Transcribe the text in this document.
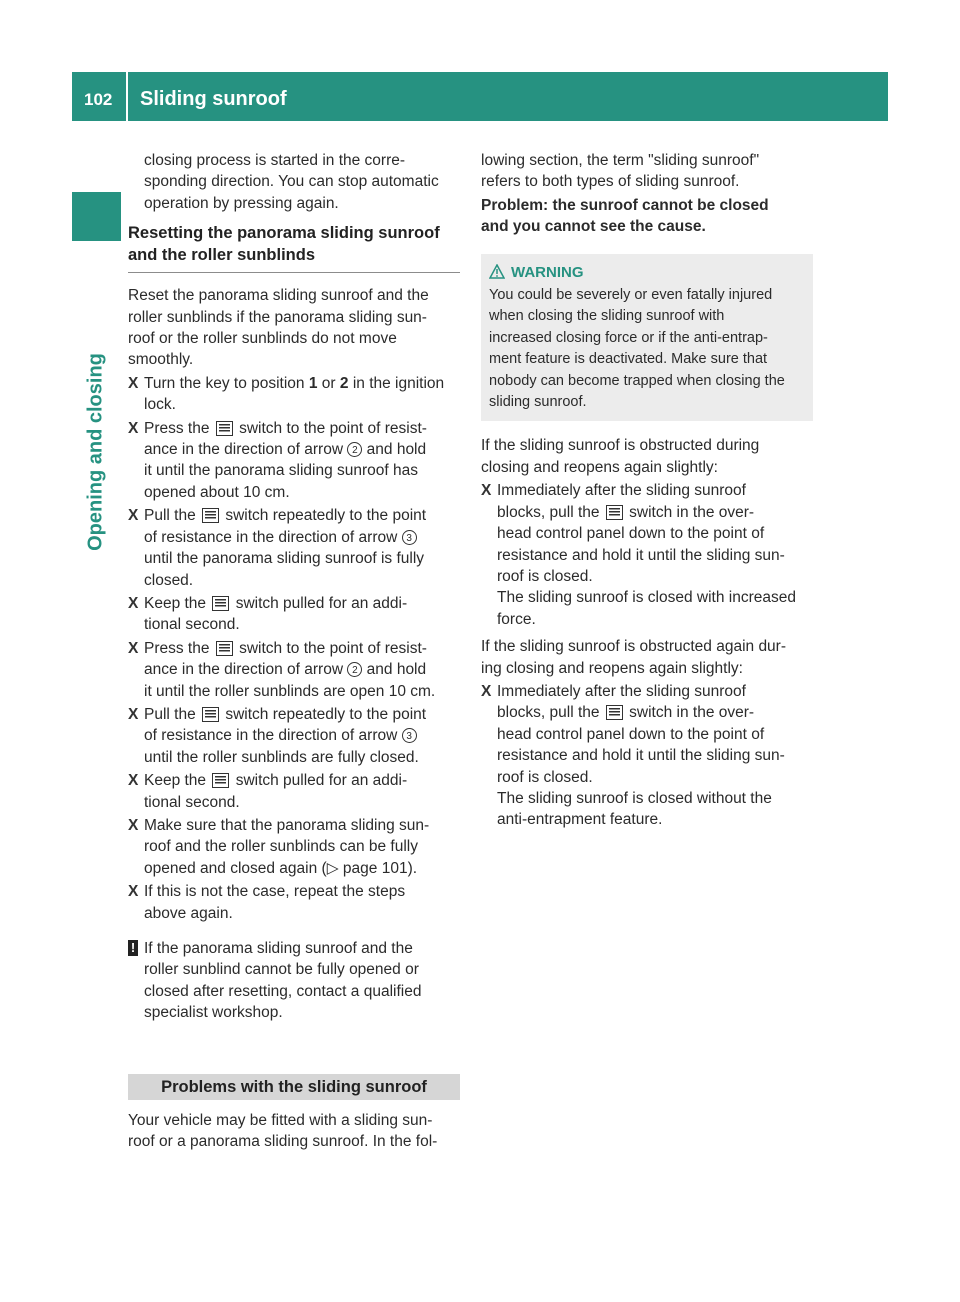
102 Sliding sunroof
Opening and closing

closing process is started in the corre-

sponding direction. You can stop automatic

operation by pressing again.

Resetting the panorama sliding sunroof

and the roller sunblinds

Reset the panorama sliding sunroof and the

roller sunblinds if the panorama sliding sun-

roof or the roller sunblinds do not move

smoothly.

X Turn the key to position 1 or 2 in the ignition

lock.

X Press the switch to the point of resist-

ance in the direction of arrow 2 and hold

it until the panorama sliding sunroof has

opened about 10 cm.

X Pull the switch repeatedly to the point

of resistance in the direction of arrow 3

until the panorama sliding sunroof is fully

closed.

X Keep the switch pulled for an addi-

tional second.

X Press the switch to the point of resist-

ance in the direction of arrow 2 and hold

it until the roller sunblinds are open 10 cm.

X Pull the switch repeatedly to the point

of resistance in the direction of arrow 3

until the roller sunblinds are fully closed.

X Keep the switch pulled for an addi-

tional second.

X Make sure that the panorama sliding sun-

roof and the roller sunblinds can be fully

opened and closed again (▷ page 101).

X If this is not the case, repeat the steps

above again.

! If the panorama sliding sunroof and the

roller sunblind cannot be fully opened or

closed after resetting, contact a qualified

specialist workshop.

Problems with the sliding sunroof

Your vehicle may be fitted with a sliding sun-

roof or a panorama sliding sunroof. In the fol-

lowing section, the term "sliding sunroof"

refers to both types of sliding sunroof.

Problem: the sunroof cannot be closed

and you cannot see the cause.

WARNING

You could be severely or even fatally injured

when closing the sliding sunroof with

increased closing force or if the anti-entrap-

ment feature is deactivated. Make sure that

nobody can become trapped when closing the

sliding sunroof.

If the sliding sunroof is obstructed during

closing and reopens again slightly:

X Immediately after the sliding sunroof

blocks, pull the switch in the over-

head control panel down to the point of

resistance and hold it until the sliding sun-

roof is closed.

The sliding sunroof is closed with increased

force.

If the sliding sunroof is obstructed again dur-

ing closing and reopens again slightly:

X Immediately after the sliding sunroof

blocks, pull the switch in the over-

head control panel down to the point of

resistance and hold it until the sliding sun-

roof is closed.

The sliding sunroof is closed without the

anti-entrapment feature.
